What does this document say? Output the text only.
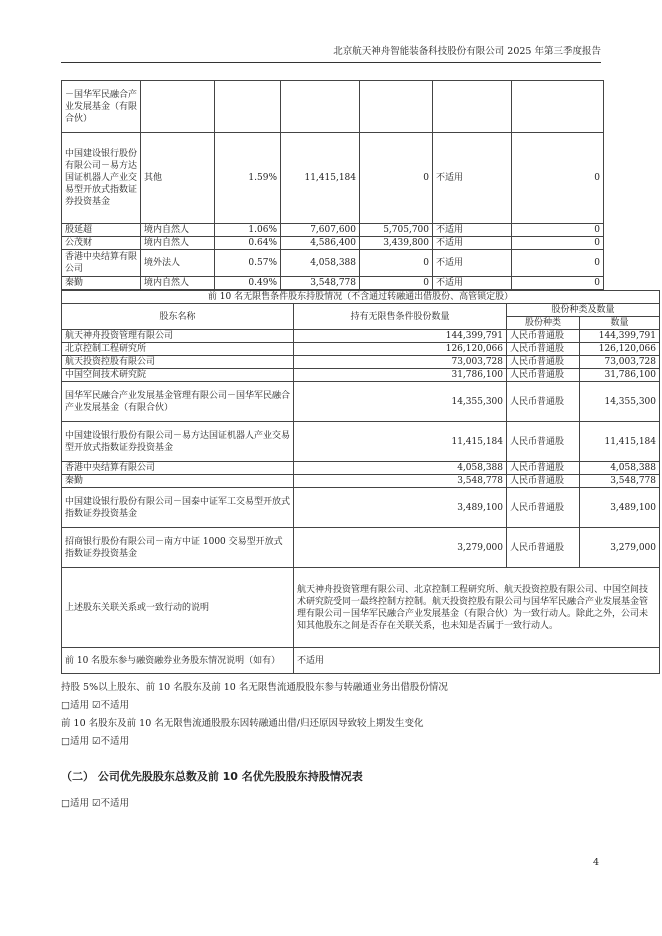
北京航天神舟智能装备科技股份有限公司 2025 年第三季度报告
－国华军民融合产业发展基金（有限合伙）						
中国建设银行股份有限公司－易方达国证机器人产业交易型开放式指数证券投资基金	其他	1.59%	11,415,184	0	不适用	0
殷延超	境内自然人	1.06%	7,607,600	5,705,700	不适用	0
公茂财	境内自然人	0.64%	4,586,400	3,439,800	不适用	0
香港中央结算有限公司	境外法人	0.57%	4,058,388	0	不适用	0
秦勤	境内自然人	0.49%	3,548,778	0	不适用	0
前 10 名无限售条件股东持股情况（不含通过转融通出借股份、高管锁定股）			
股东名称	持有无限售条件股份数量	股份种类及数量	
		股份种类	数量
航天神舟投资管理有限公司	144,399,791	人民币普通股	144,399,791
北京控制工程研究所	126,120,066	人民币普通股	126,120,066
航天投资控股有限公司	73,003,728	人民币普通股	73,003,728
中国空间技术研究院	31,786,100	人民币普通股	31,786,100
国华军民融合产业发展基金管理有限公司－国华军民融合产业发展基金（有限合伙）	14,355,300	人民币普通股	14,355,300
中国建设银行股份有限公司－易方达国证机器人产业交易型开放式指数证券投资基金	11,415,184	人民币普通股	11,415,184
香港中央结算有限公司	4,058,388	人民币普通股	4,058,388
秦勤	3,548,778	人民币普通股	3,548,778
中国建设银行股份有限公司－国泰中证军工交易型开放式指数证券投资基金	3,489,100	人民币普通股	3,489,100
招商银行股份有限公司－南方中证 1000 交易型开放式指数证券投资基金	3,279,000	人民币普通股	3,279,000
上述股东关联关系或一致行动的说明	航天神舟投资管理有限公司、北京控制工程研究所、航天投资控股有限公司、中国空间技术研究院受同一最终控制方控制。航天投资控股有限公司与国华军民融合产业发展基金管理有限公司－国华军民融合产业发展基金（有限合伙）为一致行动人。除此之外，公司未知其他股东之间是否存在关联关系，也未知是否属于一致行动人。		
前 10 名股东参与融资融券业务股东情况说明（如有）	不适用		
持股 5%以上股东、前 10 名股东及前 10 名无限售流通股股东参与转融通业务出借股份情况
□适用 ☑不适用
前 10 名股东及前 10 名无限售流通股股东因转融通出借/归还原因导致较上期发生变化
□适用 ☑不适用
（二） 公司优先股股东总数及前 10 名优先股股东持股情况表
□适用 ☑不适用
4
